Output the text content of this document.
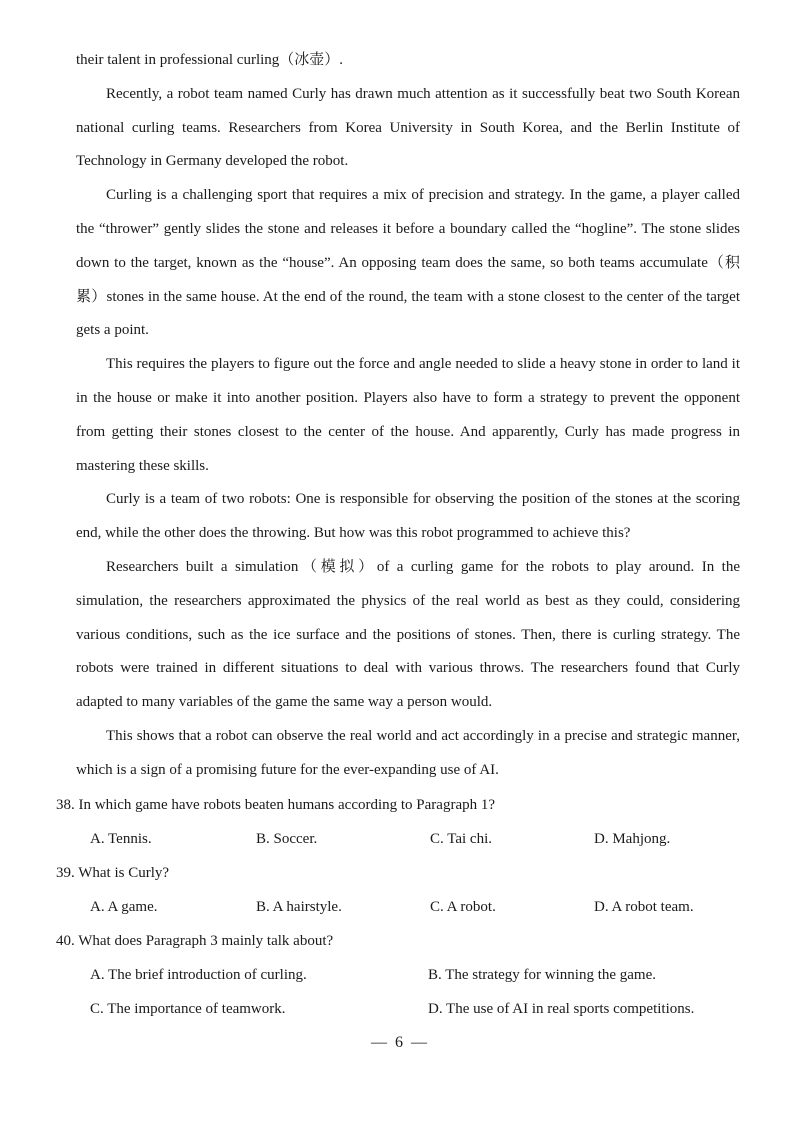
their talent in professional curling（冰壶）.

Recently, a robot team named Curly has drawn much attention as it successfully beat two South Korean national curling teams. Researchers from Korea University in South Korea, and the Berlin Institute of Technology in Germany developed the robot.

Curling is a challenging sport that requires a mix of precision and strategy. In the game, a player called the “thrower” gently slides the stone and releases it before a boundary called the “hogline”. The stone slides down to the target, known as the “house”. An opposing team does the same, so both teams accumulate（积累）stones in the same house. At the end of the round, the team with a stone closest to the center of the target gets a point.

This requires the players to figure out the force and angle needed to slide a heavy stone in order to land it in the house or make it into another position. Players also have to form a strategy to prevent the opponent from getting their stones closest to the center of the house. And apparently, Curly has made progress in mastering these skills.

Curly is a team of two robots: One is responsible for observing the position of the stones at the scoring end, while the other does the throwing. But how was this robot programmed to achieve this?

Researchers built a simulation（模拟）of a curling game for the robots to play around. In the simulation, the researchers approximated the physics of the real world as best as they could, considering various conditions, such as the ice surface and the positions of stones. Then, there is curling strategy. The robots were trained in different situations to deal with various throws. The researchers found that Curly adapted to many variables of the game the same way a person would.

This shows that a robot can observe the real world and act accordingly in a precise and strategic manner, which is a sign of a promising future for the ever-expanding use of AI.

38. In which game have robots beaten humans according to Paragraph 1?

A. Tennis.	B. Soccer.	C. Tai chi.	D. Mahjong.

39. What is Curly?

A. A game.	B. A hairstyle.	C. A robot.	D. A robot team.

40. What does Paragraph 3 mainly talk about?

A. The brief introduction of curling.	B. The strategy for winning the game.
C. The importance of teamwork.	D. The use of AI in real sports competitions.
— 6 —
